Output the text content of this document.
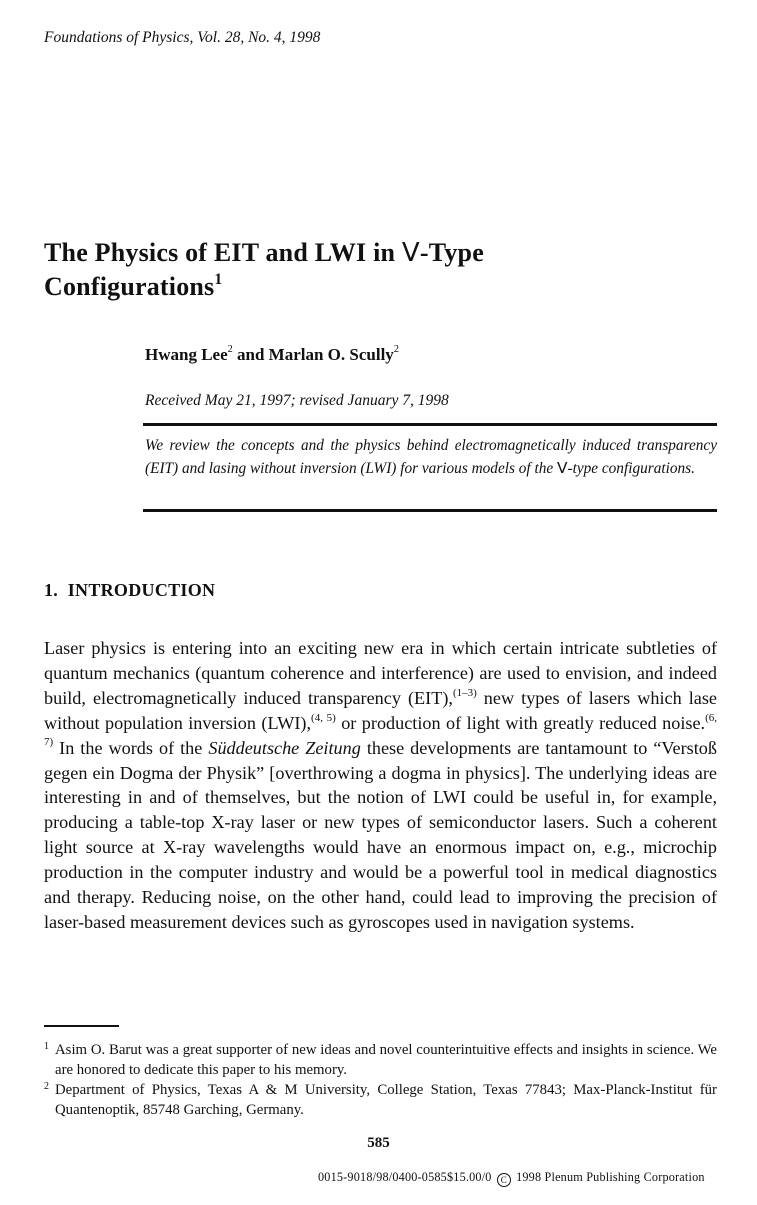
Foundations of Physics, Vol. 28, No. 4, 1998
The Physics of EIT and LWI in V-Type Configurations$^1$
Hwang Lee$^2$ and Marlan O. Scully$^2$
Received May 21, 1997; revised January 7, 1998
We review the concepts and the physics behind electromagnetically induced transparency (EIT) and lasing without inversion (LWI) for various models of the V-type configurations.
1. INTRODUCTION
Laser physics is entering into an exciting new era in which certain intricate subtleties of quantum mechanics (quantum coherence and interference) are used to envision, and indeed build, electromagnetically induced transparency (EIT),$^{(1-3)}$ new types of lasers which lase without population inversion (LWI),$^{(4, 5)}$ or production of light with greatly reduced noise.$^{(6, 7)}$ In the words of the Süddeutsche Zeitung these developments are tantamount to “Verstoß gegen ein Dogma der Physik” [overthrowing a dogma in physics]. The underlying ideas are interesting in and of themselves, but the notion of LWI could be useful in, for example, producing a table-top X-ray laser or new types of semiconductor lasers. Such a coherent light source at X-ray wavelengths would have an enormous impact on, e.g., microchip production in the computer industry and would be a powerful tool in medical diagnostics and therapy. Reducing noise, on the other hand, could lead to improving the precision of laser-based measurement devices such as gyroscopes used in navigation systems.

1 Asim O. Barut was a great supporter of new ideas and novel counterintuitive effects and insights in science. We are honored to dedicate this paper to his memory.

2 Department of Physics, Texas A & M University, College Station, Texas 77843; Max-Planck-Institut für Quantenoptik, 85748 Garching, Germany.

585
0015-9018/98/0400-0585$15.00/0 C 1998 Plenum Publishing Corporation
